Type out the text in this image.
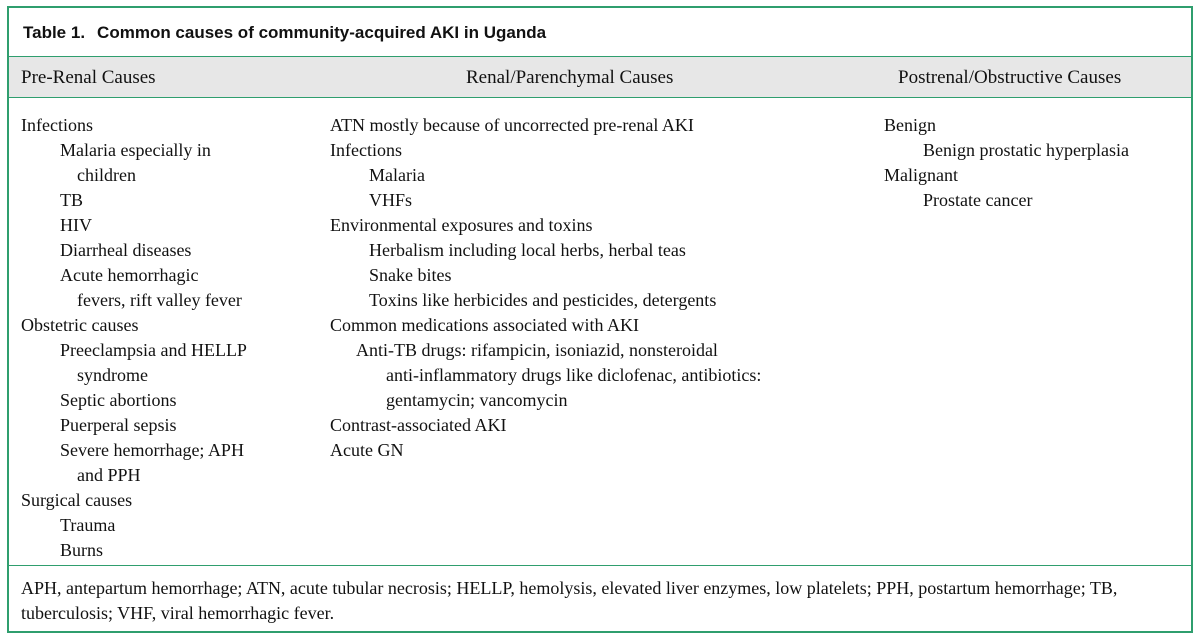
Table 1. Common causes of community-acquired AKI in Uganda
Pre-Renal Causes	Renal/Parenchymal Causes	Postrenal/Obstructive Causes
Infections
Malaria especially in
children
TB
HIV
Diarrheal diseases
Acute hemorrhagic
fevers, rift valley fever
Obstetric causes
Preeclampsia and HELLP
syndrome
Septic abortions
Puerperal sepsis
Severe hemorrhage; APH
and PPH
Surgical causes
Trauma
Burns
ATN mostly because of uncorrected pre-renal AKI
Infections
Malaria
VHFs
Environmental exposures and toxins
Herbalism including local herbs, herbal teas
Snake bites
Toxins like herbicides and pesticides, detergents
Common medications associated with AKI
Anti-TB drugs: rifampicin, isoniazid, nonsteroidal
anti-inflammatory drugs like diclofenac, antibiotics:
gentamycin; vancomycin
Contrast-associated AKI
Acute GN
Benign
Benign prostatic hyperplasia
Malignant
Prostate cancer
APH, antepartum hemorrhage; ATN, acute tubular necrosis; HELLP, hemolysis, elevated liver enzymes, low platelets; PPH, postartum hemorrhage; TB, tuberculosis; VHF, viral hemorrhagic fever.
